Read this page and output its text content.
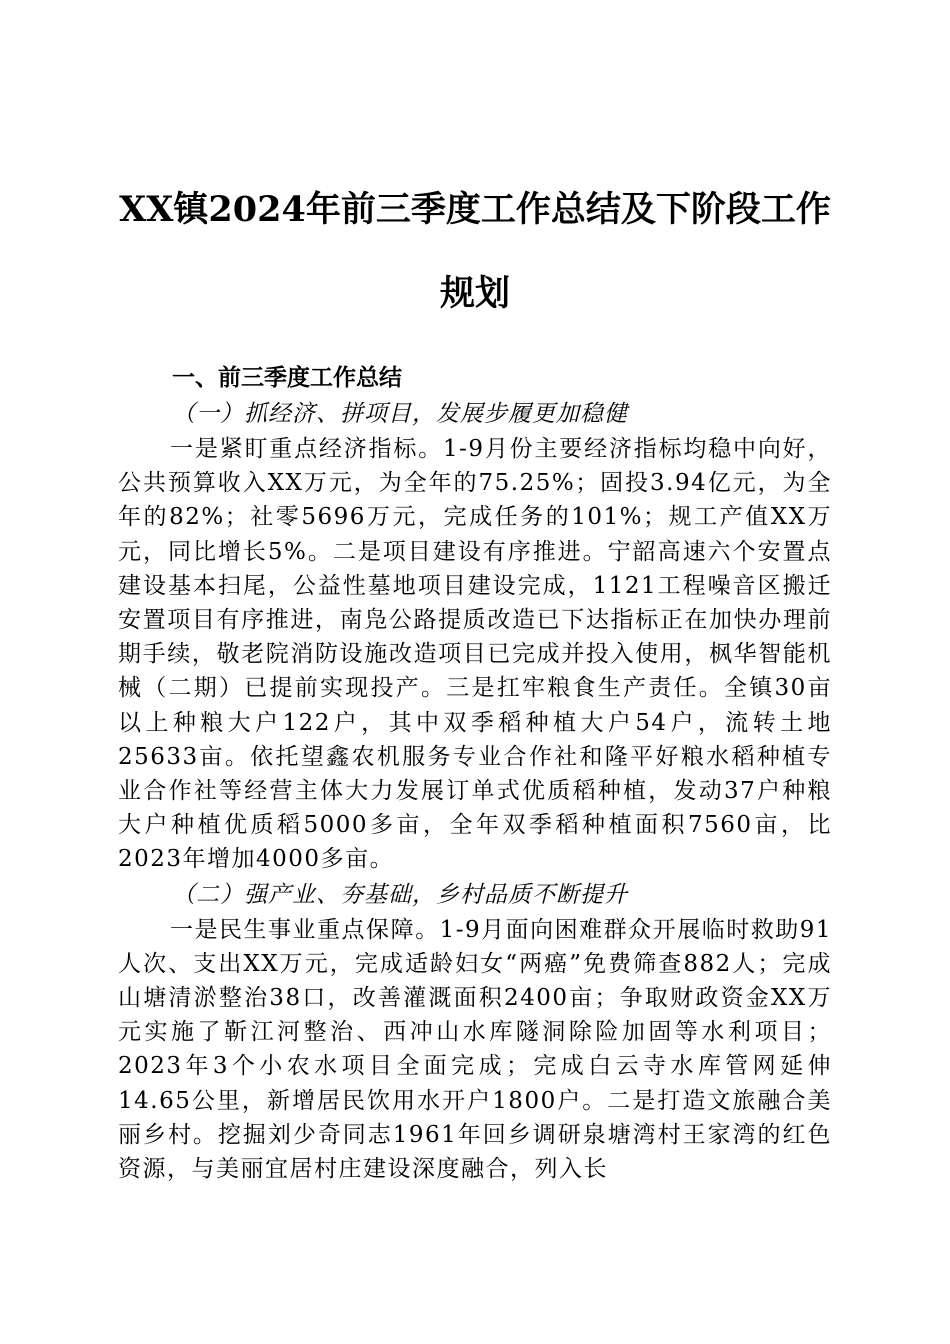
XX镇2024年前三季度工作总结及下阶段工作规划
一、前三季度工作总结
（一）抓经济、拼项目，发展步履更加稳健

一是紧盯重点经济指标。1-9月份主要经济指标均稳中向好，公共预算收入XX万元，为全年的75.25%；固投3.94亿元，为全年的82%；社零5696万元，完成任务的101%；规工产值XX万元，同比增长5%。二是项目建设有序推进。宁韶高速六个安置点建设基本扫尾，公益性墓地项目建设完成，1121工程噪音区搬迁安置项目有序推进，南凫公路提质改造已下达指标正在加快办理前期手续，敬老院消防设施改造项目已完成并投入使用，枫华智能机械（二期）已提前实现投产。三是扛牢粮食生产责任。全镇30亩以上种粮大户122户，其中双季稻种植大户54户，流转土地25633亩。依托望鑫农机服务专业合作社和隆平好粮水稻种植专业合作社等经营主体大力发展订单式优质稻种植，发动37户种粮大户种植优质稻5000多亩，全年双季稻种植面积7560亩，比2023年增加4000多亩。

（二）强产业、夯基础，乡村品质不断提升

一是民生事业重点保障。1-9月面向困难群众开展临时救助91人次、支出XX万元，完成适龄妇女“两癌”免费筛查882人；完成山塘清淤整治38口，改善灌溉面积2400亩；争取财政资金XX万元实施了靳江河整治、西冲山水库隧洞除险加固等水利项目；2023年3个小农水项目全面完成；完成白云寺水库管网延伸14.65公里，新增居民饮用水开户1800户。二是打造文旅融合美丽乡村。挖掘刘少奇同志1961年回乡调研泉塘湾村王家湾的红色资源，与美丽宜居村庄建设深度融合，列入长
